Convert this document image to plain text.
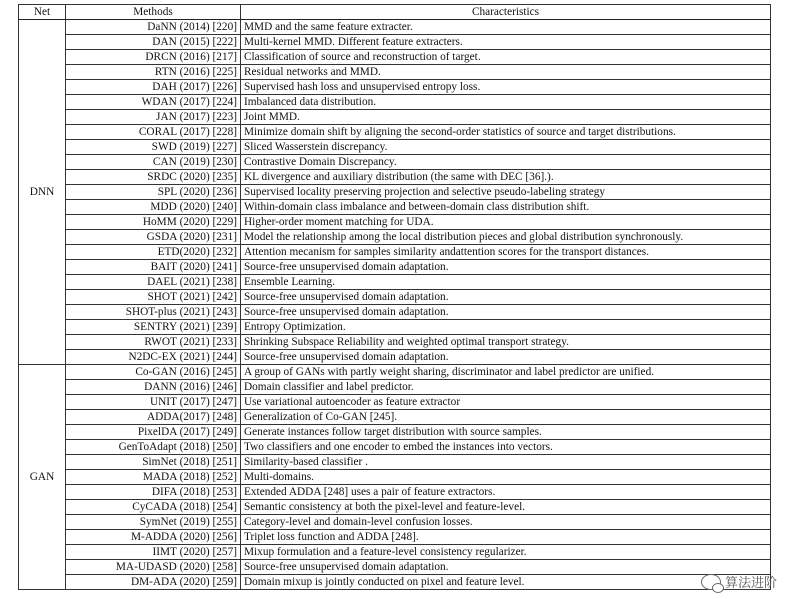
Net	Methods	Characteristics
DNN	DaNN (2014) [220]	MMD and the same feature extracter.
	DAN (2015) [222]	Multi-kernel MMD. Different feature extracters.
	DRCN (2016) [217]	Classification of source and reconstruction of target.
	RTN (2016) [225]	Residual networks and MMD.
	DAH (2017) [226]	Supervised hash loss and unsupervised entropy loss.
	WDAN (2017) [224]	Imbalanced data distribution.
	JAN (2017) [223]	Joint MMD.
	CORAL (2017) [228]	Minimize domain shift by aligning the second-order statistics of source and target distributions.
	SWD (2019) [227]	Sliced Wasserstein discrepancy.
	CAN (2019) [230]	Contrastive Domain Discrepancy.
	SRDC (2020) [235]	KL divergence and auxiliary distribution (the same with DEC [36].).
	SPL (2020) [236]	Supervised locality preserving projection and selective pseudo-labeling strategy
	MDD (2020) [240]	Within-domain class imbalance and between-domain class distribution shift.
	HoMM (2020) [229]	Higher-order moment matching for UDA.
	GSDA (2020) [231]	Model the relationship among the local distribution pieces and global distribution synchronously.
	ETD(2020) [232]	Attention mecanism for samples similarity andattention scores for the transport distances.
	BAIT (2020) [241]	Source-free unsupervised domain adaptation.
	DAEL (2021) [238]	Ensemble Learning.
	SHOT (2021) [242]	Source-free unsupervised domain adaptation.
	SHOT-plus (2021) [243]	Source-free unsupervised domain adaptation.
	SENTRY (2021) [239]	Entropy Optimization.
	RWOT (2021) [233]	Shrinking Subspace Reliability and weighted optimal transport strategy.
	N2DC-EX (2021) [244]	Source-free unsupervised domain adaptation.
GAN	Co-GAN (2016) [245]	A group of GANs with partly weight sharing, discriminator and label predictor are unified.
	DANN (2016) [246]	Domain classifier and label predictor.
	UNIT (2017) [247]	Use variational autoencoder as feature extractor
	ADDA(2017) [248]	Generalization of Co-GAN [245].
	PixelDA (2017) [249]	Generate instances follow target distribution with source samples.
	GenToAdapt (2018) [250]	Two classifiers and one encoder to embed the instances into vectors.
	SimNet (2018) [251]	Similarity-based classifier .
	MADA (2018) [252]	Multi-domains.
	DIFA (2018) [253]	Extended ADDA [248] uses a pair of feature extractors.
	CyCADA (2018) [254]	Semantic consistency at both the pixel-level and feature-level.
	SymNet (2019) [255]	Category-level and domain-level confusion losses.
	M-ADDA (2020) [256]	Triplet loss function and ADDA [248].
	IIMT (2020) [257]	Mixup formulation and a feature-level consistency regularizer.
	MA-UDASD (2020) [258]	Source-free unsupervised domain adaptation.
	DM-ADA (2020) [259]	Domain mixup is jointly conducted on pixel and feature level.	算法进阶
